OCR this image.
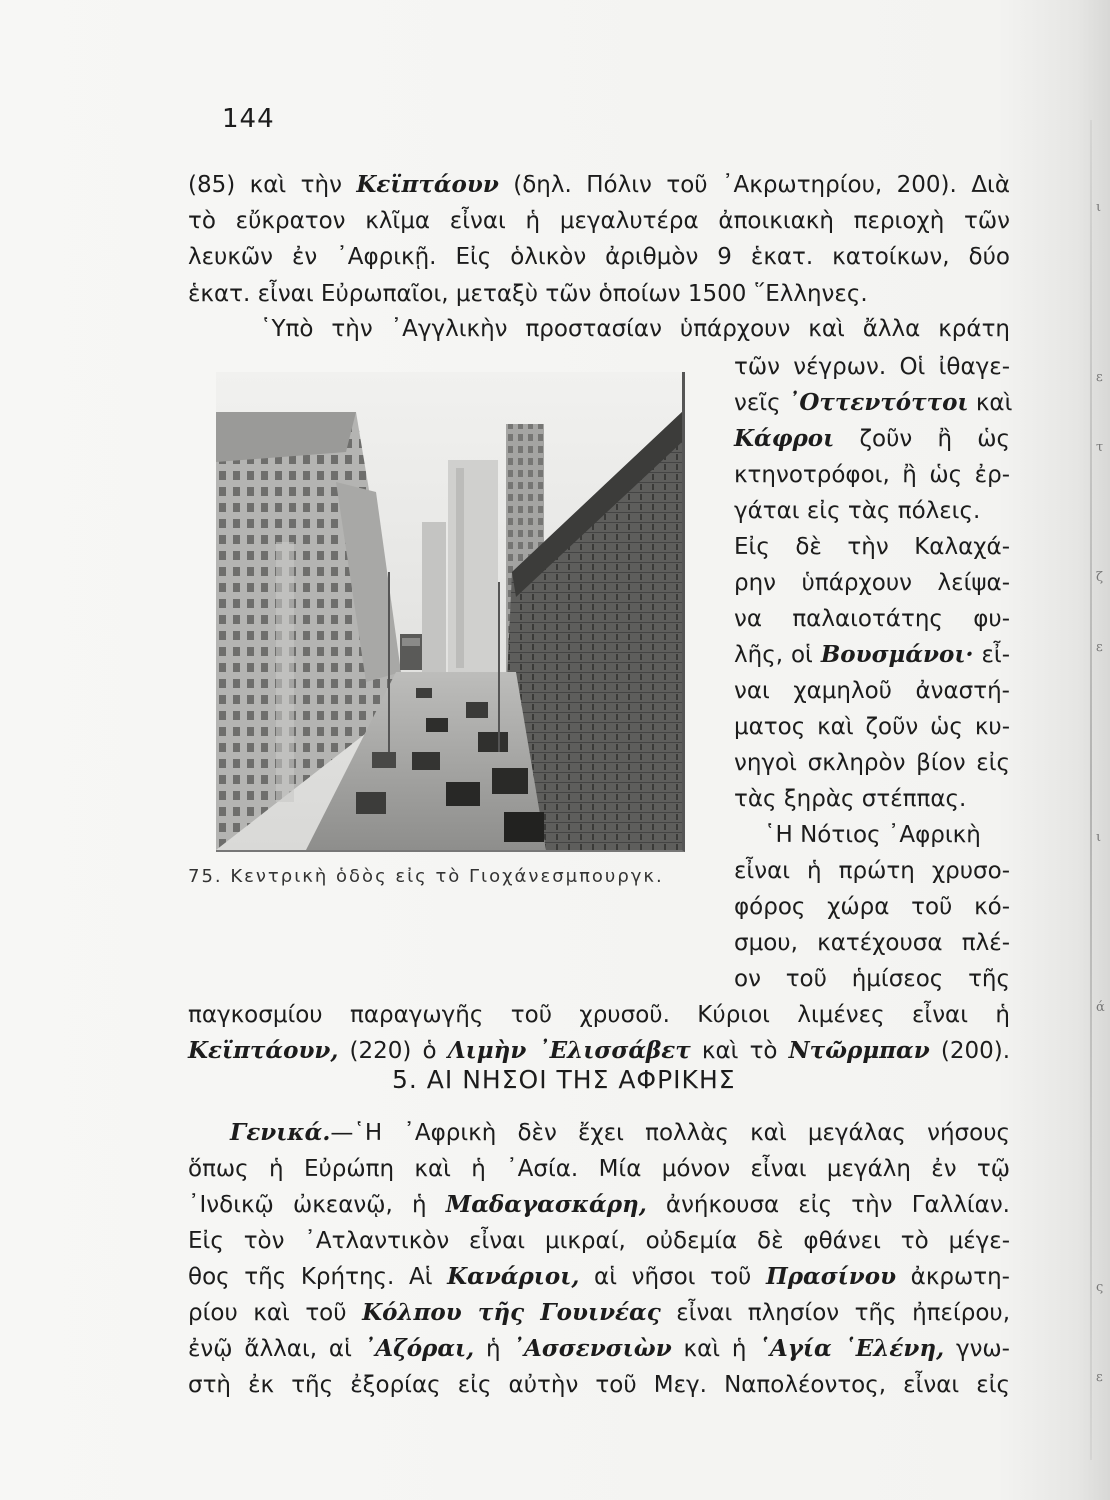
144
(85) καὶ τὴν Κεϊπτάουν (δηλ. Πόλιν τοῦ ᾿Ακρωτηρίου, 200). Διὰ
τὸ εὔκρατον κλῖμα εἶναι ἡ μεγαλυτέρα ἀποικιακὴ περιοχὴ τῶν
λευκῶν ἐν ᾿Αφρικῇ. Εἰς ὁλικὸν ἀριθμὸν 9 ἑκατ. κατοίκων, δύο
ἑκατ. εἶναι Εὐρωπαῖοι, μεταξὺ τῶν ὁποίων 1500 ῞Ελληνες.
῾Υπὸ τὴν ᾿Αγγλικὴν προστασίαν ὑπάρχουν καὶ ἄλλα κράτη
τῶν νέγρων. Οἱ ἰθαγε-
νεῖς ᾿Οττεντόττοι καὶ
Κάφροι ζοῦν ἢ ὡς
κτηνοτρόφοι, ἢ ὡς ἐρ-
γάται εἰς τὰς πόλεις.
Εἰς δὲ τὴν Καλαχά-
ρην ὑπάρχουν λείψα-
να παλαιοτάτης φυ-
λῆς, οἱ Βουσμάνοι· εἶ-
ναι χαμηλοῦ ἀναστή-
ματος καὶ ζοῦν ὡς κυ-
νηγοὶ σκληρὸν βίον εἰς
τὰς ξηρὰς στέππας.
῾Η Νότιος ᾿Αφρικὴ
εἶναι ἡ πρώτη χρυσο-
φόρος χώρα τοῦ κό-
σμου, κατέχουσα πλέ-
ον τοῦ ἡμίσεος τῆς
75. Κεντρικὴ ὁδὸς εἰς τὸ Γιοχάνεσμπουργκ.
παγκοσμίου παραγωγῆς τοῦ χρυσοῦ. Κύριοι λιμένες εἶναι ἡ
Κεϊπτάουν, (220) ὁ Λιμὴν ᾿Ελισσάβετ καὶ τὸ Ντῶρμπαν (200).
5. ΑΙ ΝΗΣΟΙ ΤΗΣ ΑΦΡΙΚΗΣ
Γενικά.—῾Η ᾿Αφρικὴ δὲν ἔχει πολλὰς καὶ μεγάλας νήσους
ὅπως ἡ Εὐρώπη καὶ ἡ ᾿Ασία. Μία μόνον εἶναι μεγάλη ἐν τῷ
᾿Ινδικῷ ὠκεανῷ, ἡ Μαδαγασκάρη, ἀνήκουσα εἰς τὴν Γαλλίαν.
Εἰς τὸν ᾿Ατλαντικὸν εἶναι μικραί, οὐδεμία δὲ φθάνει τὸ μέγε-
θος τῆς Κρήτης. Αἱ Κανάριοι, αἱ νῆσοι τοῦ Πρασίνου ἀκρωτη-
ρίου καὶ τοῦ Κόλπου τῆς Γουινέας εἶναι πλησίον τῆς ἠπείρου,
ἐνῷ ἄλλαι, αἱ ᾿Αζόραι, ἡ ᾿Ασσενσιὼν καὶ ἡ ῾Αγία ῾Ελένη, γνω-
στὴ ἐκ τῆς ἐξορίας εἰς αὐτὴν τοῦ Μεγ. Ναπολέοντος, εἶναι εἰς
ι
ε
τ
ζ
ε
ι
ά
ς
ε
